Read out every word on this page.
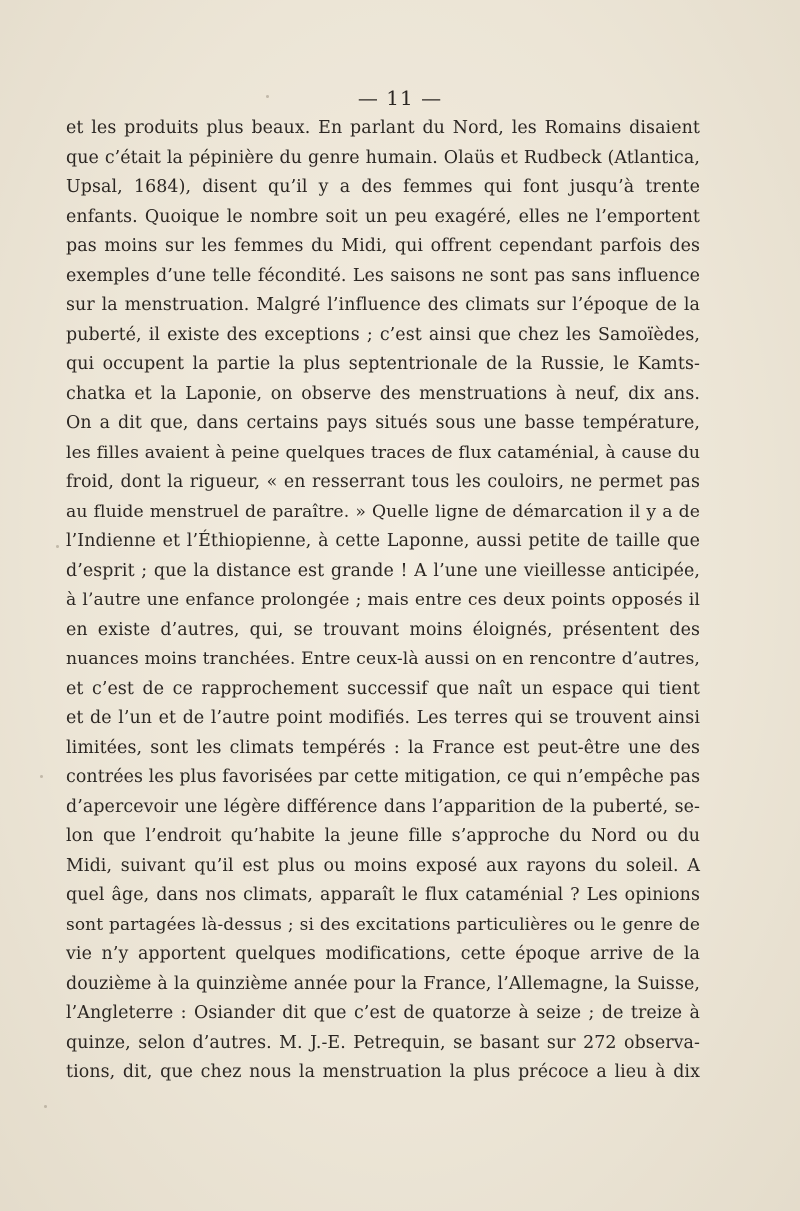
— 11 —
et les produits plus beaux. En parlant du Nord, les Romains disaient
que c’était la pépinière du genre humain. Olaüs et Rudbeck (Atlantica,
Upsal, 1684), disent qu’il y a des femmes qui font jusqu’à trente
enfants. Quoique le nombre soit un peu exagéré, elles ne l’emportent
pas moins sur les femmes du Midi, qui offrent cependant parfois des
exemples d’une telle fécondité. Les saisons ne sont pas sans influence
sur la menstruation. Malgré l’influence des climats sur l’époque de la
puberté, il existe des exceptions ; c’est ainsi que chez les Samoïèdes,
qui occupent la partie la plus septentrionale de la Russie, le Kamts-
chatka et la Laponie, on observe des menstruations à neuf, dix ans.
On a dit que, dans certains pays situés sous une basse température,
les filles avaient à peine quelques traces de flux cataménial, à cause du
froid, dont la rigueur, « en resserrant tous les couloirs, ne permet pas
au fluide menstruel de paraître. » Quelle ligne de démarcation il y a de
l’Indienne et l’Éthiopienne, à cette Laponne, aussi petite de taille que
d’esprit ; que la distance est grande ! A l’une une vieillesse anticipée,
à l’autre une enfance prolongée ; mais entre ces deux points opposés il
en existe d’autres, qui, se trouvant moins éloignés, présentent des
nuances moins tranchées. Entre ceux-là aussi on en rencontre d’autres,
et c’est de ce rapprochement successif que naît un espace qui tient
et de l’un et de l’autre point modifiés. Les terres qui se trouvent ainsi
limitées, sont les climats tempérés : la France est peut-être une des
contrées les plus favorisées par cette mitigation, ce qui n’empêche pas
d’apercevoir une légère différence dans l’apparition de la puberté, se-
lon que l’endroit qu’habite la jeune fille s’approche du Nord ou du
Midi, suivant qu’il est plus ou moins exposé aux rayons du soleil. A
quel âge, dans nos climats, apparaît le flux cataménial ? Les opinions
sont partagées là-dessus ; si des excitations particulières ou le genre de
vie n’y apportent quelques modifications, cette époque arrive de la
douzième à la quinzième année pour la France, l’Allemagne, la Suisse,
l’Angleterre : Osiander dit que c’est de quatorze à seize ; de treize à
quinze, selon d’autres. M. J.-E. Petrequin, se basant sur 272 observa-
tions, dit, que chez nous la menstruation la plus précoce a lieu à dix
